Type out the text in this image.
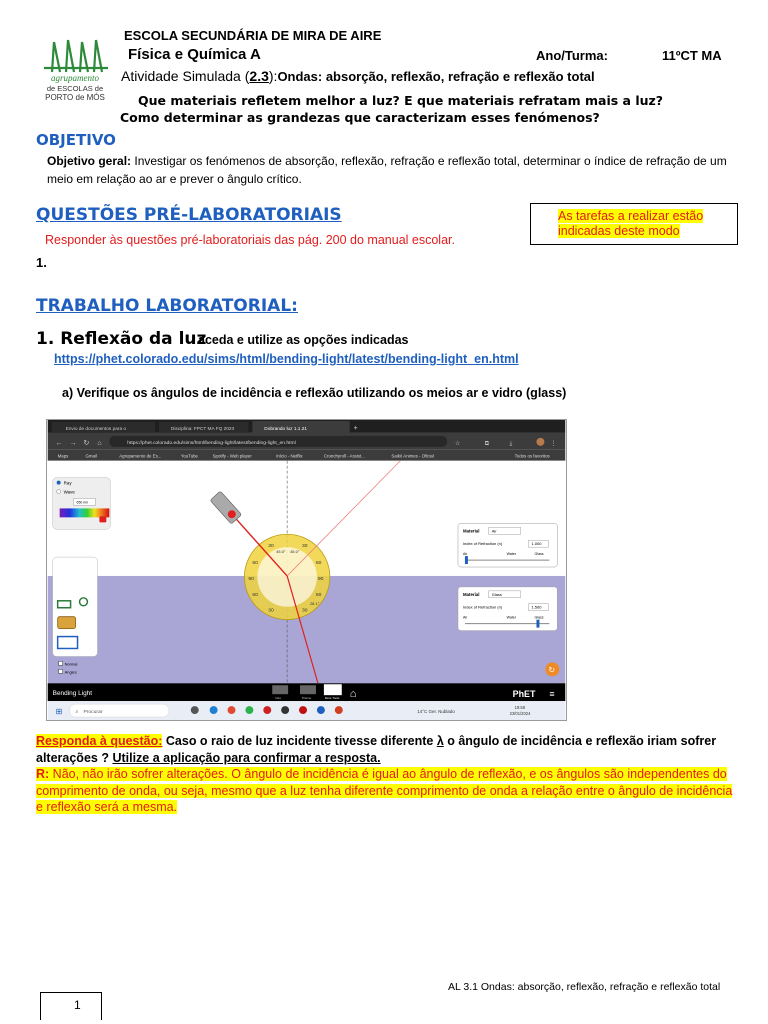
agrupamento
de ESCOLAS de
PORTO de MÓS
ESCOLA SECUNDÁRIA DE MIRA DE AIRE
Física e Química A	Ano/Turma:	11ºCT MA
Atividade Simulada (2.3):Ondas: absorção, reflexão, refração e reflexão total
Que materiais refletem melhor a luz? E que materiais refratam mais a luz?
Como determinar as grandezas que caracterizam esses fenómenos?
OBJETIVO
Objetivo geral: Investigar os fenómenos de absorção, reflexão, refração e reflexão total, determinar o índice de refração de um meio em relação ao ar e prever o ângulo crítico.
QUESTÕES PRÉ-LABORATORIAIS
Responder às questões pré-laboratoriais das pág. 200 do manual escolar.
1.
As tarefas a realizar estão
indicadas deste modo
TRABALHO LABORATORIAL:
1. Reflexão da luz
aceda e utilize as opções indicadas
https://phet.colorado.edu/sims/html/bending-light/latest/bending-light_en.html
a) Verifique os ângulos de incidência e reflexão utilizando os meios ar e vidro (glass)
Envio de documentos para o	Disciplina: FPCT MA FQ 2023	Dobrando luz 1.1.21	+
← → ↻ ⌂	https://phet.colorado.edu/sims/html/bending-light/latest/bending-light_en.html	☆	⧉	⤓	⋮
Maps	Gmail	Agrupamento de Es...	YouTube	Spotify - Web player	Início - Netflix	Crunchyroll - Assist...	Saikō Animes - Oficial	Todos os favoritos
Ray
Wave
650 nm
Normal
Angles
30	30
60	60
90	90
60	60
30	30
45.0° 45.0°
28.1°
Material	Air
Index of Refraction (n)	1.000
Air	Water	Glass
Material	Glass
Index of Refraction (n)	1.500
Air	Water	Glass
↻
Bending Light
Intro	Prisms	More Tools ⌂	PhET ≡
⊞	⌕ Procurar	14°C Ger. Nublado
19:58
23/01/2024
Responda à questão: Caso o raio de luz incidente tivesse diferente λ o ângulo de incidência e reflexão iriam sofrer alterações ? Utilize a aplicação para confirmar a resposta.
R: Não, não irão sofrer alterações. O ângulo de incidência é igual ao ângulo de reflexão, e os ângulos são independentes do comprimento de onda, ou seja, mesmo que a luz tenha diferente comprimento de onda a relação entre o ângulo de incidência e reflexão será a mesma.
AL 3.1 Ondas: absorção, reflexão, refração e reflexão total
1
